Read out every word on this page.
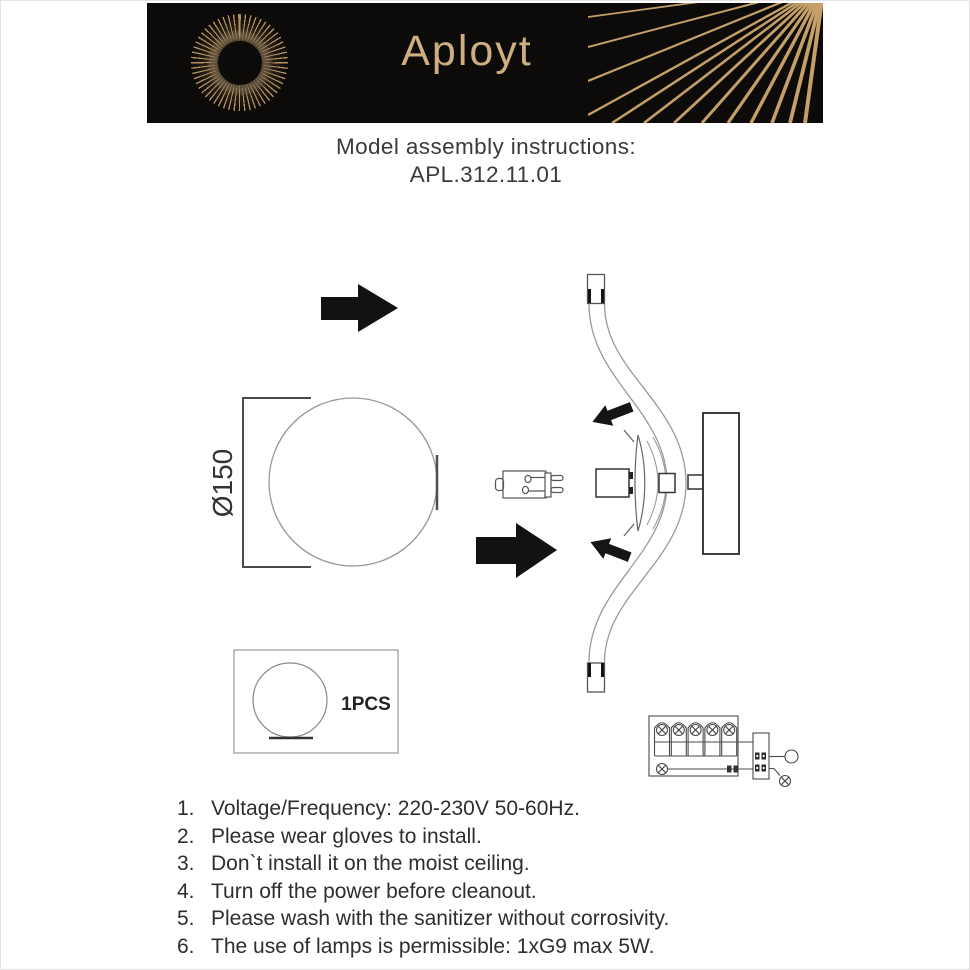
Aployt
Model assembly instructions:
APL.312.11.01
Ø150
1PCS
1. Voltage/Frequency: 220-230V 50-60Hz.
2. Please wear gloves to install.
3. Don`t install it on the moist ceiling.
4. Turn off the power before cleanout.
5. Please wash with the sanitizer without corrosivity.
6. The use of lamps is permissible: 1xG9 max 5W.
